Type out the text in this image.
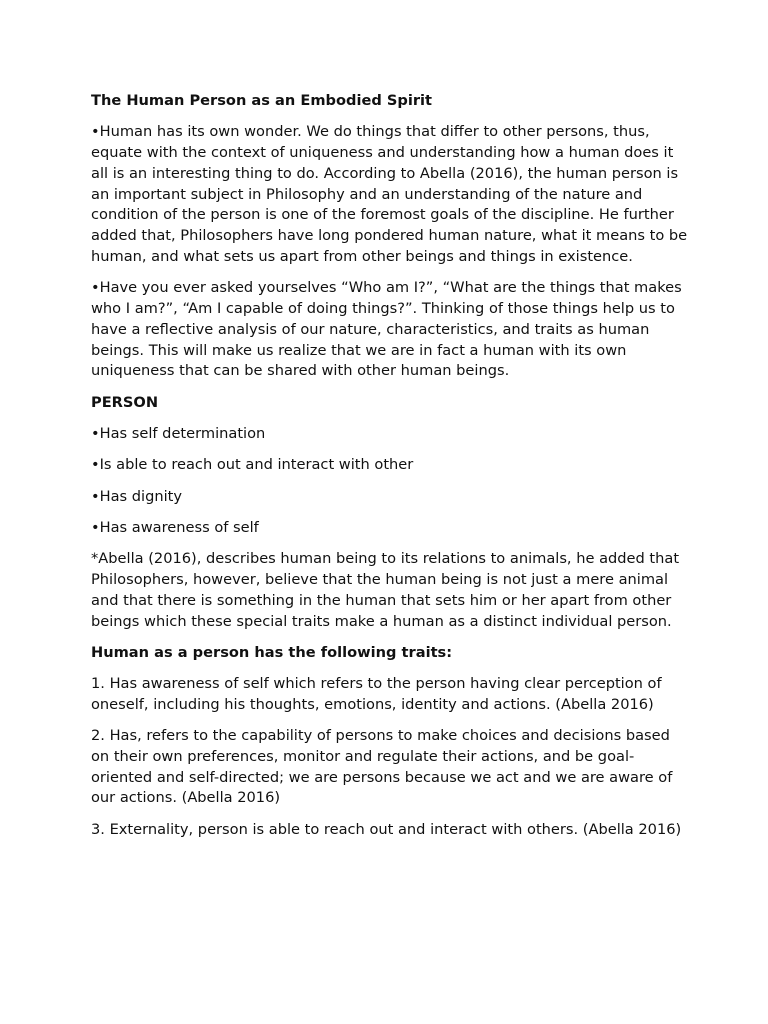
The Human Person as an Embodied Spirit

•Human has its own wonder. We do things that differ to other persons, thus, equate with the context of uniqueness and understanding how a human does it all is an interesting thing to do. According to Abella (2016), the human person is an important subject in Philosophy and an understanding of the nature and condition of the person is one of the foremost goals of the discipline. He further added that, Philosophers have long pondered human nature, what it means to be human, and what sets us apart from other beings and things in existence.

•Have you ever asked yourselves “Who am I?”, “What are the things that makes who I am?”, “Am I capable of doing things?”. Thinking of those things help us to have a reflective analysis of our nature, characteristics, and traits as human beings. This will make us realize that we are in fact a human with its own uniqueness that can be shared with other human beings.

PERSON

•Has self determination

•Is able to reach out and interact with other

•Has dignity

•Has awareness of self

*Abella (2016), describes human being to its relations to animals, he added that Philosophers, however, believe that the human being is not just a mere animal and that there is something in the human that sets him or her apart from other beings which these special traits make a human as a distinct individual person.

Human as a person has the following traits:

1. Has awareness of self which refers to the person having clear perception of oneself, including his thoughts, emotions, identity and actions. (Abella 2016)

2. Has, refers to the capability of persons to make choices and decisions based on their own preferences, monitor and regulate their actions, and be goal- oriented and self-directed; we are persons because we act and we are aware of our actions. (Abella 2016)

3. Externality, person is able to reach out and interact with others. (Abella 2016)
